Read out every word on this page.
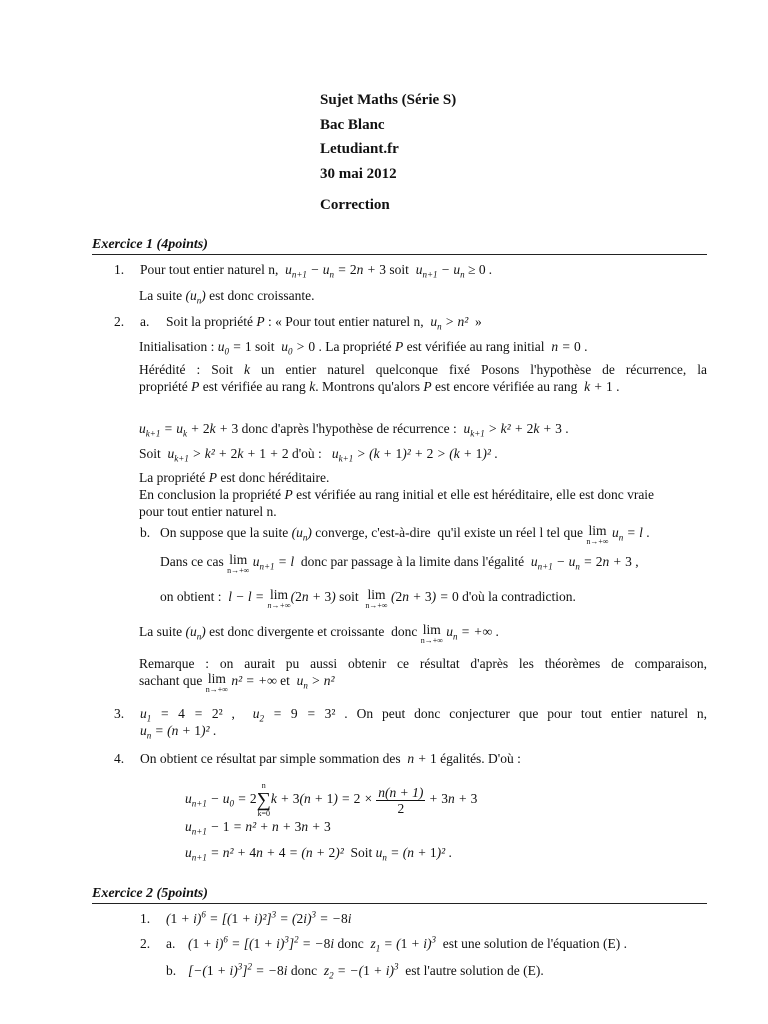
Sujet Maths (Série S)
Bac Blanc
Letudiant.fr
30 mai 2012
Correction
Exercice 1 (4points)
1. Pour tout entier naturel n, $u_{n+1} - u_n = 2n + 3$ soit $u_{n+1} - u_n \ge 0$ .
La suite $(u_n)$ est donc croissante.
2. a. Soit la propriété P : « Pour tout entier naturel n,  $u_n > n^2$  »
Initialisation : $u_0 = 1$ soit  $u_0 > 0$ . La propriété P est vérifiée au rang initial  n = 0 .
Hérédité : Soit k un entier naturel quelconque fixé Posons l'hypothèse de récurrence, la
propriété P est vérifiée au rang k. Montrons qu'alors P est encore vérifiée au rang  k + 1 .
$u_{k+1} = u_k + 2k + 3$ donc d'après l'hypothèse de récurrence :  $u_{k+1} > k^2 + 2k + 3$ .
Soit  $u_{k+1} > k^2 + 2k + 1 + 2$ d'où :   $u_{k+1} > (k + 1)^2 + 2 > (k + 1)^2$ .
La propriété P est donc héréditaire.
En conclusion la propriété P est vérifiée au rang initial et elle est héréditaire, elle est donc vraie
pour tout entier naturel n.
b. On suppose que la suite $(u_n)$ converge, c'est-à-dire  qu'il existe un réel l tel que lim
n→+∞
$u_n = l$ .
Dans ce cas lim
n→+∞
$u_{n+1} = l$  donc par passage à la limite dans l'égalité  $u_{n+1} - u_n = 2n + 3$ ,
on obtient :  l − l = lim
n→+∞
(2n + 3) soit  lim
n→+∞
(2n + 3) = 0 d'où la contradiction.
La suite $(u_n)$ est donc divergente et croissante  donc lim
n→+∞
$u_n$ = +∞ .
Remarque : on aurait pu aussi obtenir ce résultat d'après les théorèmes de comparaison,
sachant que lim
n→+∞
n² = +∞ et  $u_n > n^2$
3. $u_1 = 4 = 2^2$ ,  $u_2 = 9 = 3^2$ . On peut donc conjecturer que pour tout entier naturel n,
$u_n = (n + 1)^2$ .
4. On obtient ce résultat par simple sommation des  n + 1 égalités. D'où :
$u_{n+1} - u_0 = 2$
n
∑
k=0
$k + 3(n + 1) = 2 \times \frac{n(n + 1)}{2} + 3n + 3$
$u_{n+1} - 1 = n^2 + n + 3n + 3$
$u_{n+1} = n^2 + 4n + 4 = (n + 2)^2$  Soit $u_n = (n + 1)^2$ .
Exercice 2 (5points)
1. $(1 + i)^6 = [(1 + i)^2]^3 = (2i)^3 = -8i$
2. a. $(1 + i)^6 = [(1 + i)^3]^2 = -8i$ donc  $z_1 = (1 + i)^3$  est une solution de l'équation (E) .
b. $[-(1 + i)^3]^2 = -8i$ donc  $z_2 = -(1 + i)^3$  est l'autre solution de (E).
